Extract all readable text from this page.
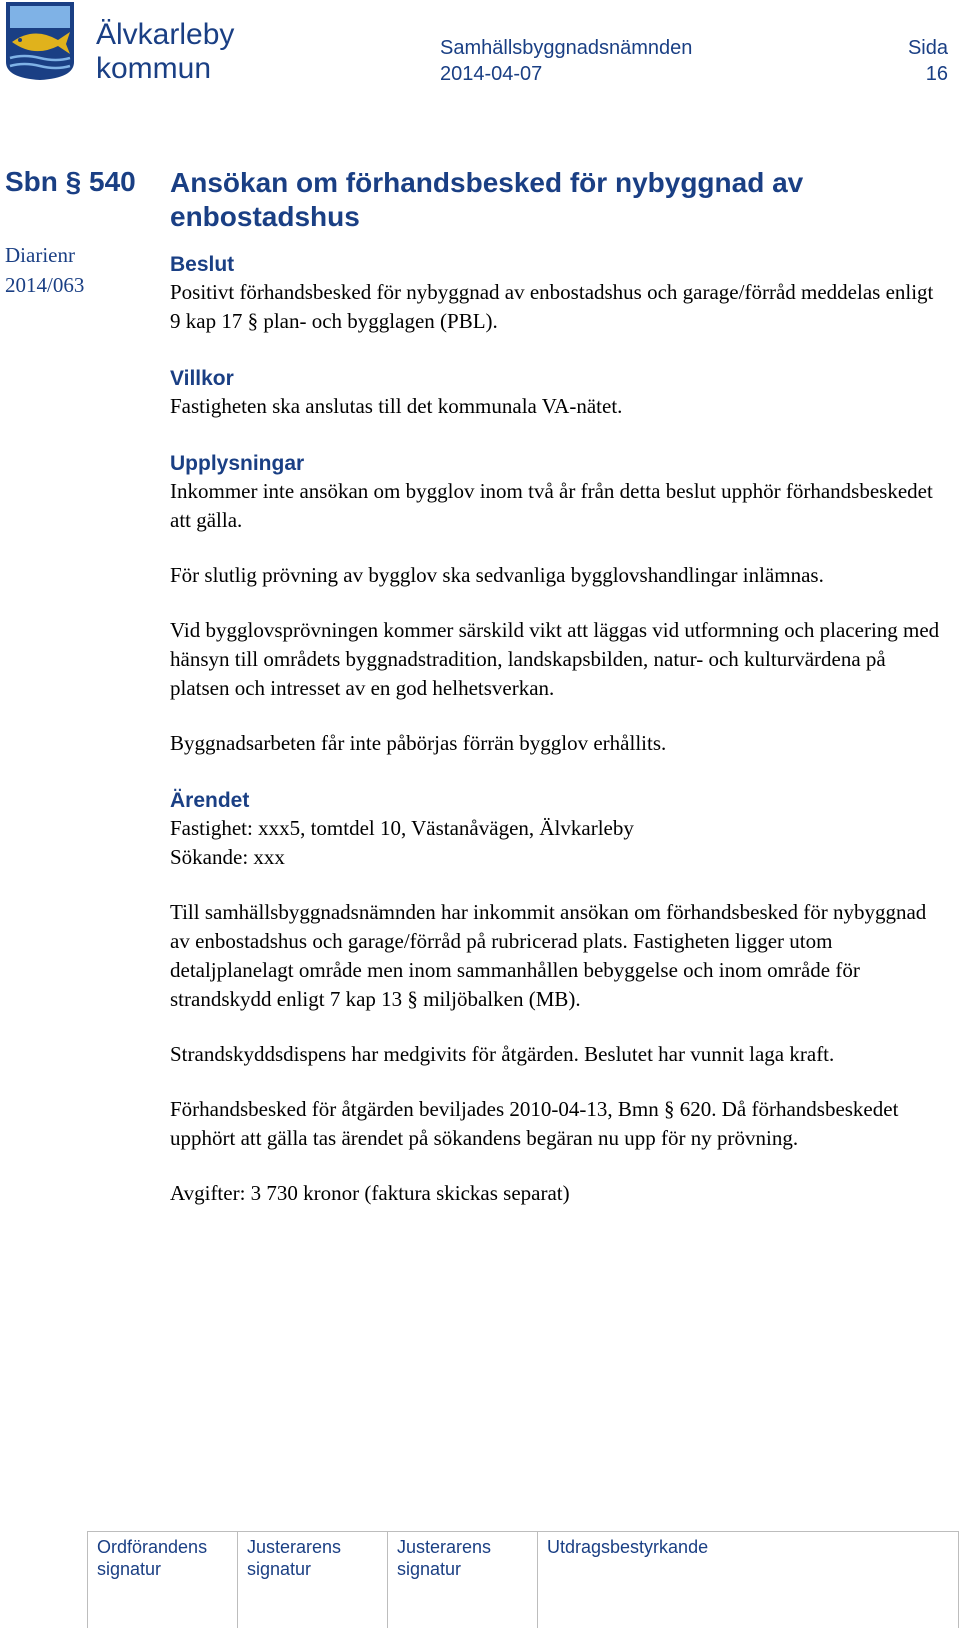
Älvkarleby
kommun
Samhällsbyggnadsnämnden
2014-04-07
Sida
16
Sbn § 540
Diarienr
2014/063
Ansökan om förhandsbesked för nybyggnad av enbostadshus
Beslut
Positivt förhandsbesked för nybyggnad av enbostadshus och garage/förråd meddelas enligt 9 kap 17 § plan- och bygglagen (PBL).
Villkor
Fastigheten ska anslutas till det kommunala VA-nätet.
Upplysningar
Inkommer inte ansökan om bygglov inom två år från detta beslut upphör förhandsbeskedet att gälla.
För slutlig prövning av bygglov ska sedvanliga bygglovshandlingar inlämnas.
Vid bygglovsprövningen kommer särskild vikt att läggas vid utformning och placering med hänsyn till områdets byggnadstradition, landskapsbilden, natur- och kulturvärdena på platsen och intresset av en god helhetsverkan.
Byggnadsarbeten får inte påbörjas förrän bygglov erhållits.
Ärendet
Fastighet: xxx5, tomtdel 10, Västanåvägen, Älvkarleby
Sökande: xxx
Till samhällsbyggnadsnämnden har inkommit ansökan om förhandsbesked för nybyggnad av enbostadshus och garage/förråd på rubricerad plats. Fastigheten ligger utom detaljplanelagt område men inom sammanhållen bebyggelse och inom område för strandskydd enligt 7 kap 13 § miljöbalken (MB).
Strandskyddsdispens har medgivits för åtgärden. Beslutet har vunnit laga kraft.
Förhandsbesked för åtgärden beviljades 2010-04-13, Bmn § 620. Då förhandsbeskedet upphört att gälla tas ärendet på sökandens begäran nu upp för ny prövning.
Avgifter: 3 730 kronor (faktura skickas separat)
Ordförandens
signatur
Justerarens
signatur
Justerarens
signatur
Utdragsbestyrkande
